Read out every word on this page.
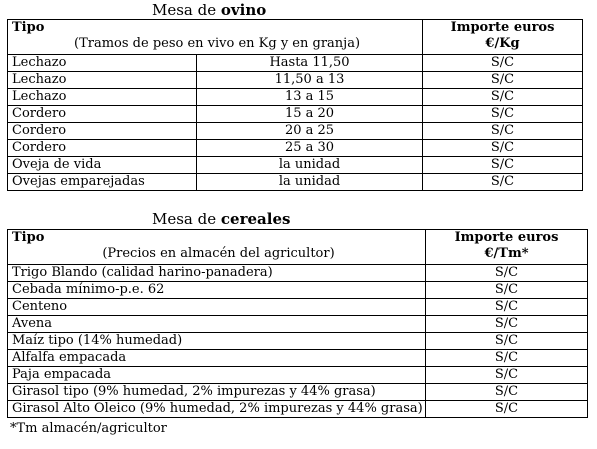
Mesa de ovino
Tipo
(Tramos de peso en vivo en Kg y en granja)		Importe euros
€/Kg
Lechazo	Hasta 11,50	S/C
Lechazo	11,50 a 13	S/C
Lechazo	13 a 15	S/C
Cordero	15 a 20	S/C
Cordero	20 a 25	S/C
Cordero	25 a 30	S/C
Oveja de vida	la unidad	S/C
Ovejas emparejadas	la unidad	S/C
Mesa de cereales
Tipo
(Precios en almacén del agricultor)	Importe euros
€/Tm*
Trigo Blando (calidad harino-panadera)	S/C
Cebada mínimo-p.e. 62	S/C
Centeno	S/C
Avena	S/C
Maíz tipo (14% humedad)	S/C
Alfalfa empacada	S/C
Paja empacada	S/C
Girasol tipo (9% humedad, 2% impurezas y 44% grasa)	S/C
Girasol Alto Oleico (9% humedad, 2% impurezas y 44% grasa)	S/C
*Tm almacén/agricultor
